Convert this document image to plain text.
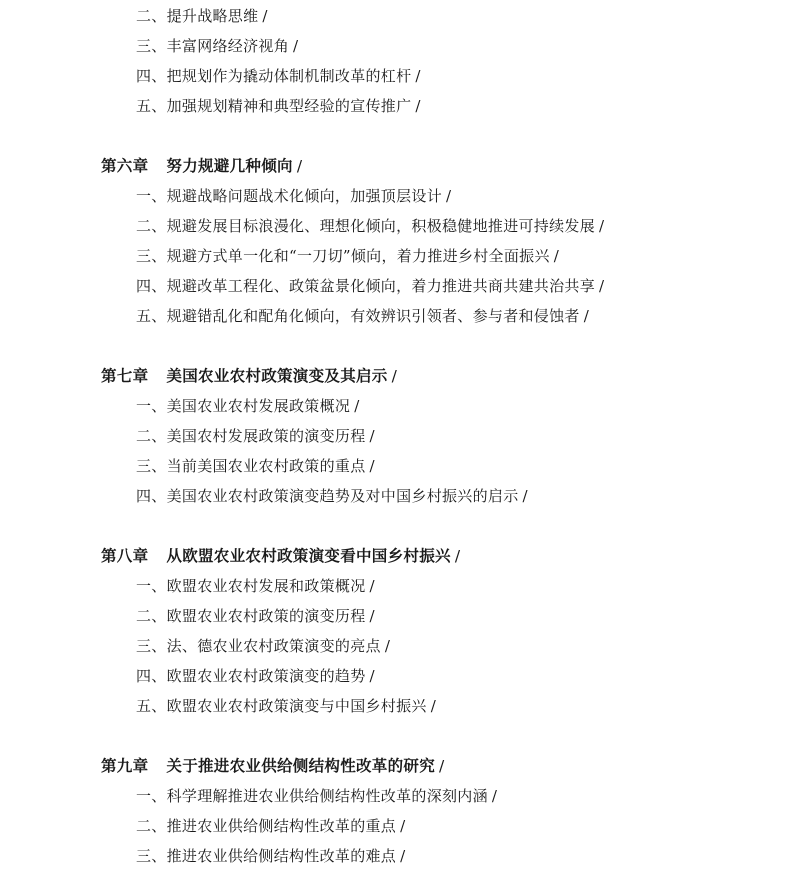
二、提升战略思维 /
三、丰富网络经济视角 /
四、把规划作为撬动体制机制改革的杠杆 /
五、加强规划精神和典型经验的宣传推广 /
第六章 努力规避几种倾向 /
一、规避战略问题战术化倾向，加强顶层设计 /
二、规避发展目标浪漫化、理想化倾向，积极稳健地推进可持续发展 /
三、规避方式单一化和“一刀切”倾向，着力推进乡村全面振兴 /
四、规避改革工程化、政策盆景化倾向，着力推进共商共建共治共享 /
五、规避错乱化和配角化倾向，有效辨识引领者、参与者和侵蚀者 /
第七章 美国农业农村政策演变及其启示 /
一、美国农业农村发展政策概况 /
二、美国农村发展政策的演变历程 /
三、当前美国农业农村政策的重点 /
四、美国农业农村政策演变趋势及对中国乡村振兴的启示 /
第八章 从欧盟农业农村政策演变看中国乡村振兴 /
一、欧盟农业农村发展和政策概况 /
二、欧盟农业农村政策的演变历程 /
三、法、德农业农村政策演变的亮点 /
四、欧盟农业农村政策演变的趋势 /
五、欧盟农业农村政策演变与中国乡村振兴 /
第九章 关于推进农业供给侧结构性改革的研究 /
一、科学理解推进农业供给侧结构性改革的深刻内涵 /
二、推进农业供给侧结构性改革的重点 /
三、推进农业供给侧结构性改革的难点 /
